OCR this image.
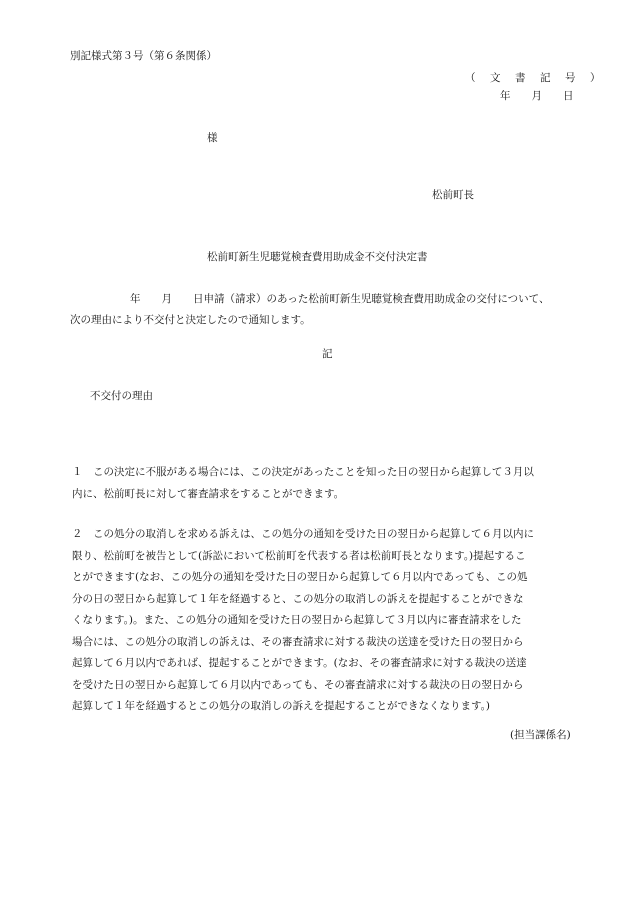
別記様式第３号（第６条関係）
（　文　書　記　号　）
年　　月　　日
様
松前町長
松前町新生児聴覚検査費用助成金不交付決定書
年　　月　　日申請（請求）のあった松前町新生児聴覚検査費用助成金の交付について、
次の理由により不交付と決定したので通知します。
記
不交付の理由
１　この決定に不服がある場合には、この決定があったことを知った日の翌日から起算して３月以
内に、松前町長に対して審査請求をすることができます。
２　この処分の取消しを求める訴えは、この処分の通知を受けた日の翌日から起算して６月以内に
限り、松前町を被告として(訴訟において松前町を代表する者は松前町長となります。)提起するこ
とができます(なお、この処分の通知を受けた日の翌日から起算して６月以内であっても、この処
分の日の翌日から起算して１年を経過すると、この処分の取消しの訴えを提起することができな
くなります。)。また、この処分の通知を受けた日の翌日から起算して３月以内に審査請求をした
場合には、この処分の取消しの訴えは、その審査請求に対する裁決の送達を受けた日の翌日から
起算して６月以内であれば、提起することができます。(なお、その審査請求に対する裁決の送達
を受けた日の翌日から起算して６月以内であっても、その審査請求に対する裁決の日の翌日から
起算して１年を経過するとこの処分の取消しの訴えを提起することができなくなります。)
(担当課係名)
